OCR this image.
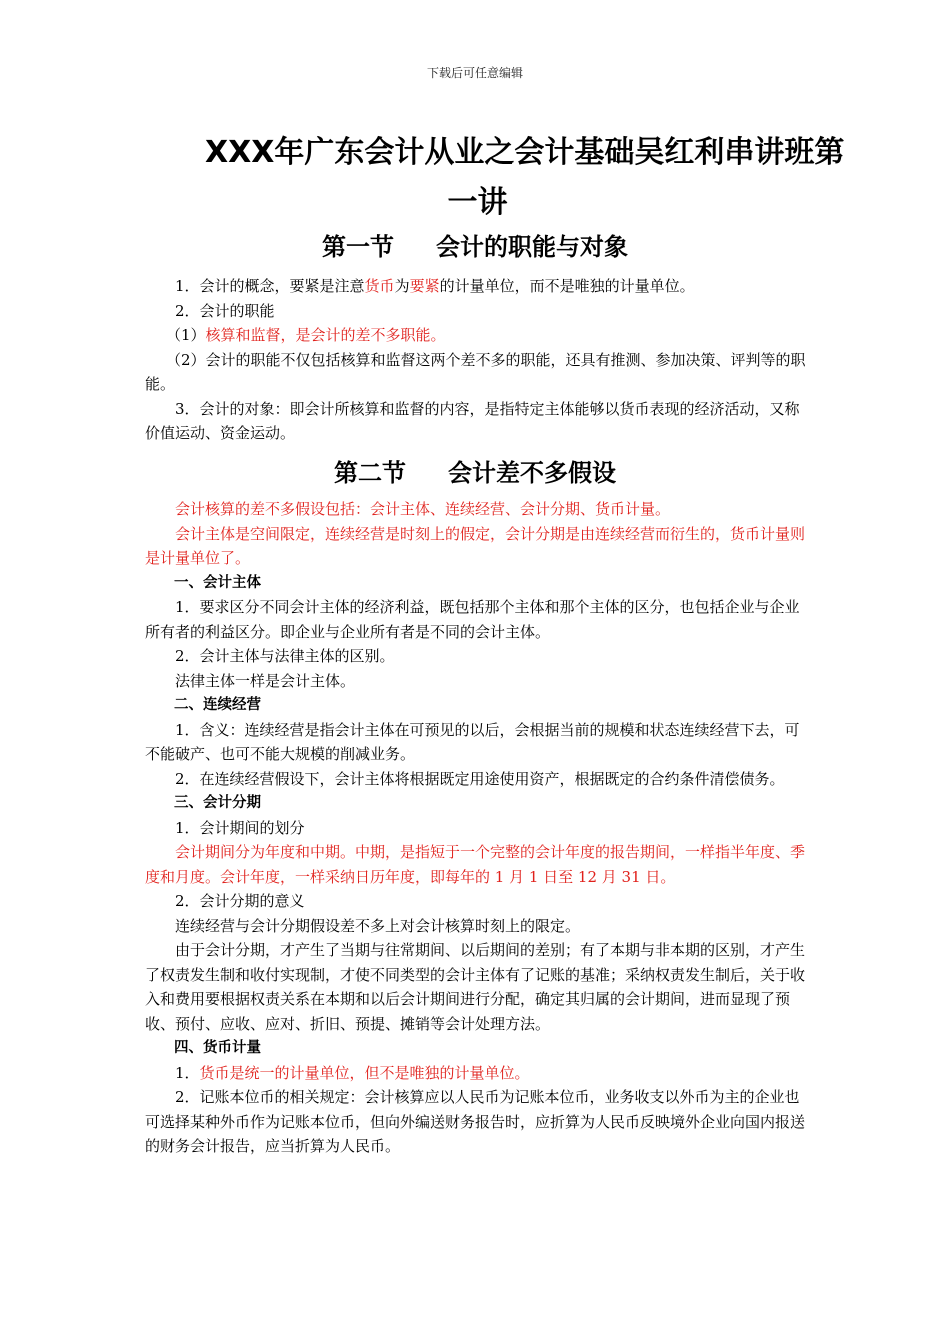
下载后可任意编辑
XXX年广东会计从业之会计基础吴红利串讲班第
一讲
第一节 会计的职能与对象

1．会计的概念，要紧是注意货币为要紧的计量单位，而不是唯独的计量单位。

2．会计的职能

（1）核算和监督，是会计的差不多职能。

（2）会计的职能不仅包括核算和监督这两个差不多的职能，还具有推测、参加决策、评判等的职能。

3．会计的对象：即会计所核算和监督的内容，是指特定主体能够以货币表现的经济活动，又称价值运动、资金运动。

第二节 会计差不多假设

会计核算的差不多假设包括：会计主体、连续经营、会计分期、货币计量。

会计主体是空间限定，连续经营是时刻上的假定，会计分期是由连续经营而衍生的，货币计量则是计量单位了。

一、会计主体

1．要求区分不同会计主体的经济利益，既包括那个主体和那个主体的区分，也包括企业与企业所有者的利益区分。即企业与企业所有者是不同的会计主体。

2．会计主体与法律主体的区别。

法律主体一样是会计主体。

二、连续经营

1．含义：连续经营是指会计主体在可预见的以后，会根据当前的规模和状态连续经营下去，可不能破产、也可不能大规模的削减业务。

2．在连续经营假设下，会计主体将根据既定用途使用资产，根据既定的合约条件清偿债务。

三、会计分期

1．会计期间的划分

会计期间分为年度和中期。中期，是指短于一个完整的会计年度的报告期间，一样指半年度、季度和月度。会计年度，一样采纳日历年度，即每年的 1 月 1 日至 12 月 31 日。

2．会计分期的意义

连续经营与会计分期假设差不多上对会计核算时刻上的限定。

由于会计分期，才产生了当期与往常期间、以后期间的差别；有了本期与非本期的区别，才产生了权责发生制和收付实现制，才使不同类型的会计主体有了记账的基准；采纳权责发生制后，关于收入和费用要根据权责关系在本期和以后会计期间进行分配，确定其归属的会计期间，进而显现了预收、预付、应收、应对、折旧、预提、摊销等会计处理方法。

四、货币计量

1．货币是统一的计量单位，但不是唯独的计量单位。

2．记账本位币的相关规定：会计核算应以人民币为记账本位币，业务收支以外币为主的企业也可选择某种外币作为记账本位币，但向外编送财务报告时，应折算为人民币反映境外企业向国内报送的财务会计报告，应当折算为人民币。
